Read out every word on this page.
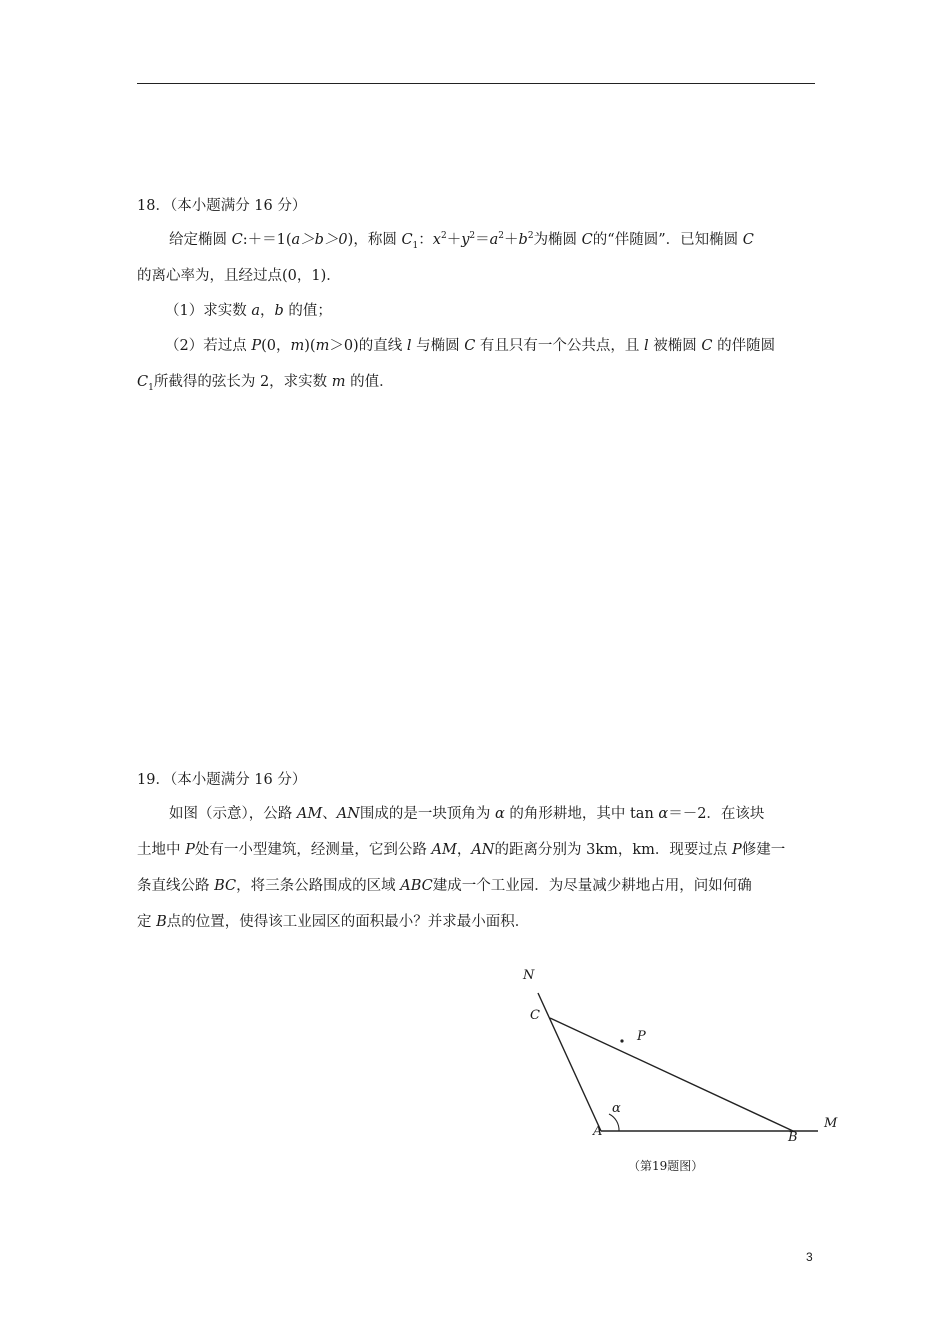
18．（本小题满分 16 分）
给定椭圆 C:＋＝1(a＞b＞0)，称圆 $C_1$：$x^2+y^2=a^2+b^2$为椭圆 C的“伴随圆”．已知椭圆 C
的离心率为，且经过点(0，1)．
（1）求实数 a，b 的值；
（2）若过点 P(0，m)(m＞0)的直线 l 与椭圆 C 有且只有一个公共点，且 l 被椭圆 C 的伴随圆
$C_1$所截得的弦长为 2，求实数 m 的值．
19．（本小题满分 16 分）
如图（示意），公路 AM、AN围成的是一块顶角为 α 的角形耕地，其中 tan α＝－2．在该块
土地中 P处有一小型建筑，经测量，它到公路 AM，AN的距离分别为 3km，km．现要过点 P修建一
条直线公路 BC，将三条公路围成的区域 ABC建成一个工业园．为尽量减少耕地占用，问如何确
定 B点的位置，使得该工业园区的面积最小？并求最小面积．
N
C
P
α
A	B
M
（第19题图）
3
